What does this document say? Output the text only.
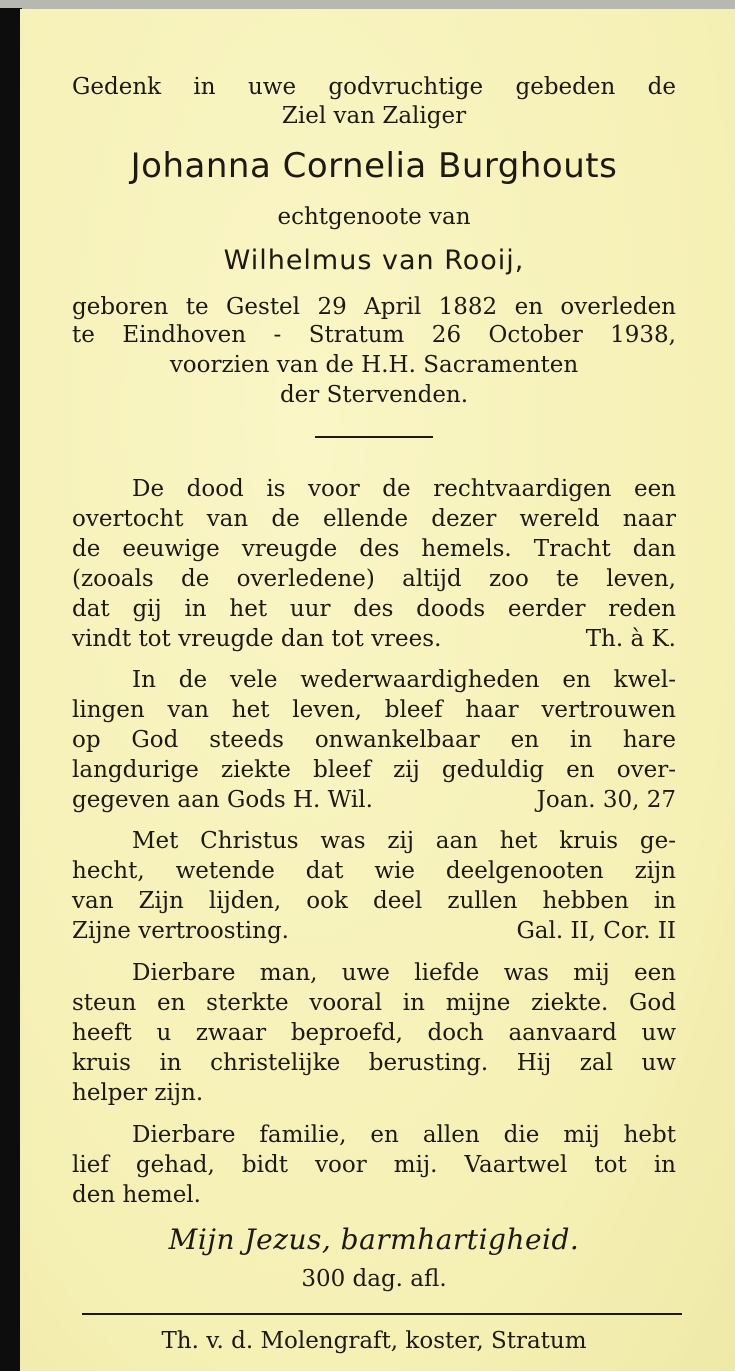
Gedenk in uwe godvruchtige gebeden de
Ziel van Zaliger
Johanna Cornelia Burghouts
echtgenoote van
Wilhelmus van Rooij,
geboren te Gestel 29 April 1882 en overleden
te Eindhoven - Stratum 26 October 1938,
voorzien van de H.H. Sacramenten
der Stervenden.
De dood is voor de rechtvaardigen een
overtocht van de ellende dezer wereld naar
de eeuwige vreugde des hemels. Tracht dan
(zooals de overledene) altijd zoo te leven,
dat gij in het uur des doods eerder reden
vindt tot vreugde dan tot vrees.	Th. à K.
In de vele wederwaardigheden en kwel-
lingen van het leven, bleef haar vertrouwen
op God steeds onwankelbaar en in hare
langdurige ziekte bleef zij geduldig en over-
gegeven aan Gods H. Wil.	Joan. 30, 27
Met Christus was zij aan het kruis ge-
hecht, wetende dat wie deelgenooten zijn
van Zijn lijden, ook deel zullen hebben in
Zijne vertroosting.	Gal. II, Cor. II
Dierbare man, uwe liefde was mij een
steun en sterkte vooral in mijne ziekte. God
heeft u zwaar beproefd, doch aanvaard uw
kruis in christelijke berusting. Hij zal uw
helper zijn.
Dierbare familie, en allen die mij hebt
lief gehad, bidt voor mij. Vaartwel tot in
den hemel.
Mijn Jezus, barmhartigheid.
300 dag. afl.
Th. v. d. Molengraft, koster, Stratum
